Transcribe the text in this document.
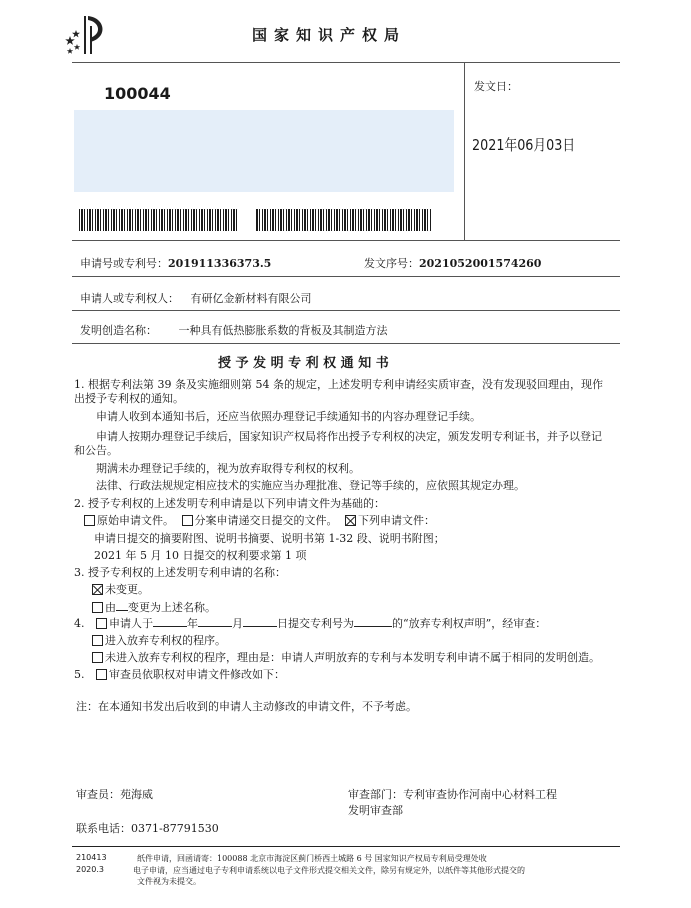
国家知识产权局
100044	发文日：
2021年06月03日
申请号或专利号：201911336373.5	发文序号：2021052001574260
申请人或专利权人： 有研亿金新材料有限公司
发明创造名称： 一种具有低热膨胀系数的背板及其制造方法
授 予 发 明 专 利 权 通 知 书
1. 根据专利法第 39 条及实施细则第 54 条的规定，上述发明专利申请经实质审查，没有发现驳回理由，现作
出授予专利权的通知。
申请人收到本通知书后，还应当依照办理登记手续通知书的内容办理登记手续。
申请人按期办理登记手续后，国家知识产权局将作出授予专利权的决定，颁发发明专利证书，并予以登记
和公告。
期满未办理登记手续的，视为放弃取得专利权的权利。
法律、行政法规规定相应技术的实施应当办理批准、登记等手续的，应依照其规定办理。
2. 授予专利权的上述发明专利申请是以下列申请文件为基础的：
原始申请文件。 分案申请递交日提交的文件。 下列申请文件：
申请日提交的摘要附图、说明书摘要、说明书第 1-32 段、说明书附图；
2021 年 5 月 10 日提交的权利要求第 1 项
3. 授予专利权的上述发明专利申请的名称：
未变更。
由 变更为上述名称。
4. 申请人于	年	月	日提交专利号为	的“放弃专利权声明”，经审查：
进入放弃专利权的程序。
未进入放弃专利权的程序，理由是：申请人声明放弃的专利与本发明专利申请不属于相同的发明创造。
5. 审查员依职权对申请文件修改如下：
注：在本通知书发出后收到的申请人主动修改的申请文件，不予考虑。
审查员：苑海威	审查部门：专利审查协作河南中心材料工程
发明审查部
联系电话：0371-87791530
210413
2020.3
纸件申请，回函请寄：100088 北京市海淀区蓟门桥西土城路 6 号 国家知识产权局专利局受理处收
电子申请，应当通过电子专利申请系统以电子文件形式提交相关文件，除另有规定外，以纸件等其他形式提交的
文件视为未提交。
